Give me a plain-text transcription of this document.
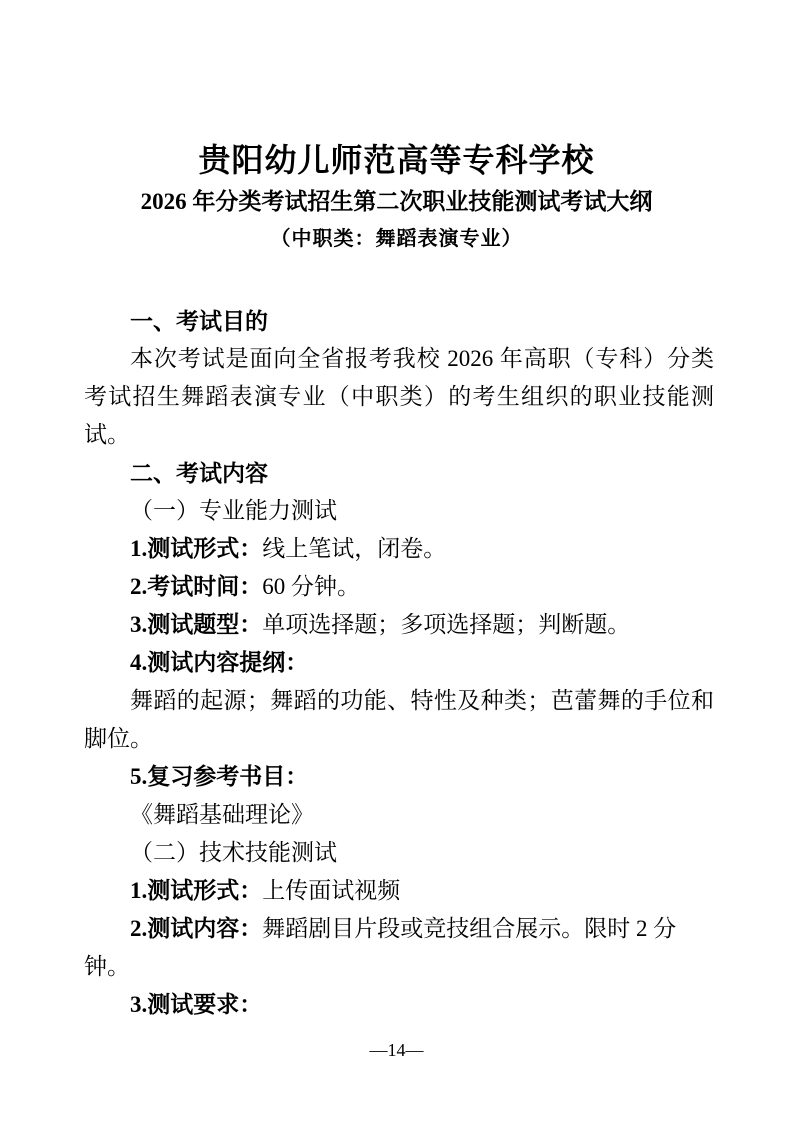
贵阳幼儿师范高等专科学校
2026 年分类考试招生第二次职业技能测试考试大纲
（中职类：舞蹈表演专业）

一、考试目的

本次考试是面向全省报考我校 2026 年高职（专科）分类考试招生舞蹈表演专业（中职类）的考生组织的职业技能测试。

二、考试内容

（一）专业能力测试

1.测试形式：线上笔试，闭卷。

2.考试时间：60 分钟。

3.测试题型：单项选择题；多项选择题；判断题。

4.测试内容提纲：

舞蹈的起源；舞蹈的功能、特性及种类；芭蕾舞的手位和脚位。

5.复习参考书目：

《舞蹈基础理论》

（二）技术技能测试

1.测试形式：上传面试视频

2.测试内容：舞蹈剧目片段或竞技组合展示。限时 2 分钟。

3.测试要求：

—14—
